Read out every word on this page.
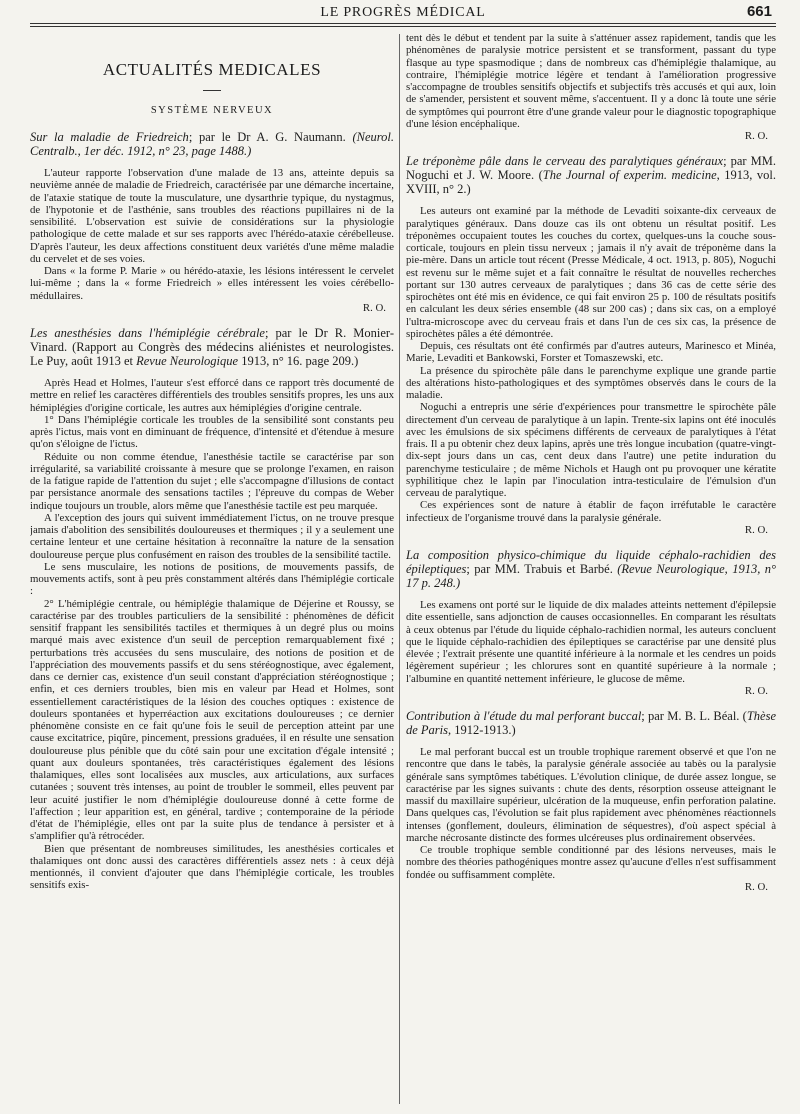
LE PROGRÈS MÉDICAL	661
ACTUALITÉS MEDICALES
SYSTÈME NERVEUX
Sur la maladie de Friedreich; par le Dr A. G. Naumann. (Neurol. Centralb., 1er déc. 1912, n° 23, page 1488.)

L'auteur rapporte l'observation d'une malade de 13 ans, atteinte depuis sa neuvième année de maladie de Friedreich, caractérisée par une démarche incertaine, de l'ataxie statique de toute la musculature, une dysarthrie typique, du nystagmus, de l'hypotonie et de l'asthénie, sans troubles des réactions pupillaires ni de la sensibilité. L'observation est suivie de considérations sur la physiologie pathologique de cette malade et sur ses rapports avec l'hérédo-ataxie cérébelleuse. D'après l'auteur, les deux affections constituent deux variétés d'une même maladie du cervelet et de ses voies.

Dans « la forme P. Marie » ou hérédo-ataxie, les lésions intéressent le cervelet lui-même ; dans la « forme Friedreich » elles intéressent les voies cérébello-médullaires.

R. O.

Les anesthésies dans l'hémiplégie cérébrale; par le Dr R. Monier-Vinard. (Rapport au Congrès des médecins aliénistes et neurologistes. Le Puy, août 1913 et Revue Neurologique 1913, n° 16. page 209.)

Après Head et Holmes, l'auteur s'est efforcé dans ce rapport très documenté de mettre en relief les caractères différentiels des troubles sensitifs propres, les uns aux hémiplégies d'origine corticale, les autres aux hémiplégies d'origine centrale.

1° Dans l'hémiplégie corticale les troubles de la sensibilité sont constants peu après l'ictus, mais vont en diminuant de fréquence, d'intensité et d'étendue à mesure qu'on s'éloigne de l'ictus.

Réduite ou non comme étendue, l'anesthésie tactile se caractérise par son irrégularité, sa variabilité croissante à mesure que se prolonge l'examen, en raison de la fatigue rapide de l'attention du sujet ; elle s'accompagne d'illusions de contact par persistance anormale des sensations tactiles ; l'épreuve du compas de Weber indique toujours un trouble, alors même que l'anesthésie tactile est peu marquée.

A l'exception des jours qui suivent immédiatement l'ictus, on ne trouve presque jamais d'abolition des sensibilités douloureuses et thermiques ; il y a seulement une certaine lenteur et une certaine hésitation à reconnaître la nature de la sensation douloureuse perçue plus confusément en raison des troubles de la sensibilité tactile.

Le sens musculaire, les notions de positions, de mouvements passifs, de mouvements actifs, sont à peu près constamment altérés dans l'hémiplégie corticale :

2° L'hémiplégie centrale, ou hémiplégie thalamique de Déjerine et Roussy, se caractérise par des troubles particuliers de la sensibilité : phénomènes de déficit sensitif frappant les sensibilités tactiles et thermiques à un degré plus ou moins marqué mais avec existence d'un seuil de perception remarquablement fixé ; perturbations très accusées du sens musculaire, des notions de position et de l'appréciation des mouvements passifs et du sens stéréognostique, avec également, dans ce dernier cas, existence d'un seuil constant d'appréciation stéréognostique ; enfin, et ces derniers troubles, bien mis en valeur par Head et Holmes, sont essentiellement caractéristiques de la lésion des couches optiques : existence de douleurs spontanées et hyperréaction aux excitations douloureuses ; ce dernier phénomène consiste en ce fait qu'une fois le seuil de perception atteint par une cause excitatrice, piqûre, pincement, pressions graduées, il en résulte une sensation douloureuse plus pénible que du côté sain pour une excitation d'égale intensité ; quant aux douleurs spontanées, très caractéristiques également des lésions thalamiques, elles sont localisées aux muscles, aux articulations, aux surfaces cutanées ; souvent très intenses, au point de troubler le sommeil, elles peuvent par leur acuité justifier le nom d'hémiplégie douloureuse donné à cette forme de l'affection ; leur apparition est, en général, tardive ; contemporaine de la période d'état de l'hémiplégie, elles ont par la suite plus de tendance à persister et à s'amplifier qu'à rétrocéder.

Bien que présentant de nombreuses similitudes, les anesthésies corticales et thalamiques ont donc aussi des caractères différentiels assez nets : à ceux déjà mentionnés, il convient d'ajouter que dans l'hémiplégie corticale, les troubles sensitifs exis-

tent dès le début et tendent par la suite à s'atténuer assez rapidement, tandis que les phénomènes de paralysie motrice persistent et se transforment, passant du type flasque au type spasmodique ; dans de nombreux cas d'hémiplégie thalamique, au contraire, l'hémiplégie motrice légère et tendant à l'amélioration progressive s'accompagne de troubles sensitifs objectifs et subjectifs très accusés et qui aux, loin de s'amender, persistent et souvent même, s'accentuent. Il y a donc là toute une série de symptômes qui pourront être d'une grande valeur pour le diagnostic topographique d'une lésion encéphalique.

R. O.

Le tréponème pâle dans le cerveau des paralytiques généraux; par MM. Noguchi et J. W. Moore. (The Journal of experim. medicine, 1913, vol. XVIII, n° 2.)

Les auteurs ont examiné par la méthode de Levaditi soixante-dix cerveaux de paralytiques généraux. Dans douze cas ils ont obtenu un résultat positif. Les tréponèmes occupaient toutes les couches du cortex, quelques-uns la couche sous-corticale, toujours en plein tissu nerveux ; jamais il n'y avait de tréponème dans la pie-mère. Dans un article tout récent (Presse Médicale, 4 oct. 1913, p. 805), Noguchi est revenu sur le même sujet et a fait connaître le résultat de nouvelles recherches portant sur 130 autres cerveaux de paralytiques ; dans 36 cas de cette série des spirochètes ont été mis en évidence, ce qui fait environ 25 p. 100 de résultats positifs en calculant les deux séries ensemble (48 sur 200 cas) ; dans six cas, on a employé l'ultra-microscope avec du cerveau frais et dans l'un de ces six cas, la présence de spirochètes pâles a été démontrée.

Depuis, ces résultats ont été confirmés par d'autres auteurs, Marinesco et Minéa, Marie, Levaditi et Bankowski, Forster et Tomaszewski, etc.

La présence du spirochète pâle dans le parenchyme explique une grande partie des altérations histo-pathologiques et des symptômes observés dans le cours de la maladie.

Noguchi a entrepris une série d'expériences pour transmettre le spirochète pâle directement d'un cerveau de paralytique à un lapin. Trente-six lapins ont été inoculés avec les émulsions de six spécimens différents de cerveaux de paralytiques à l'état frais. Il a pu obtenir chez deux lapins, après une très longue incubation (quatre-vingt-dix-sept jours dans un cas, cent deux dans l'autre) une petite induration du parenchyme testiculaire ; de même Nichols et Haugh ont pu provoquer une kératite syphilitique chez le lapin par l'inoculation intra-testiculaire de l'émulsion d'un cerveau de paralytique.

Ces expériences sont de nature à établir de façon irréfutable le caractère infectieux de l'organisme trouvé dans la paralysie générale.

R. O.

La composition physico-chimique du liquide céphalo-rachidien des épileptiques; par MM. Trabuis et Barbé. (Revue Neurologique, 1913, n° 17 p. 248.)

Les examens ont porté sur le liquide de dix malades atteints nettement d'épilepsie dite essentielle, sans adjonction de causes occasionnelles. En comparant les résultats à ceux obtenus par l'étude du liquide céphalo-rachidien normal, les auteurs concluent que le liquide céphalo-rachidien des épileptiques se caractérise par une densité plus élevée ; l'extrait présente une quantité inférieure à la normale et les cendres un poids légèrement supérieur ; les chlorures sont en quantité supérieure à la normale ; l'albumine en quantité nettement inférieure, le glucose de même.

R. O.

Contribution à l'étude du mal perforant buccal; par M. B. L. Béal. (Thèse de Paris, 1912-1913.)

Le mal perforant buccal est un trouble trophique rarement observé et que l'on ne rencontre que dans le tabès, la paralysie générale associée au tabès ou la paralysie générale sans symptômes tabétiques. L'évolution clinique, de durée assez longue, se caractérise par les signes suivants : chute des dents, résorption osseuse atteignant le massif du maxillaire supérieur, ulcération de la muqueuse, enfin perforation palatine. Dans quelques cas, l'évolution se fait plus rapidement avec phénomènes réactionnels intenses (gonflement, douleurs, élimination de séquestres), d'où aspect spécial à marche nécrosante distincte des formes ulcéreuses plus ordinairement observées.

Ce trouble trophique semble conditionné par des lésions nerveuses, mais le nombre des théories pathogéniques montre assez qu'aucune d'elles n'est suffisamment fondée ou suffisamment complète.

R. O.
